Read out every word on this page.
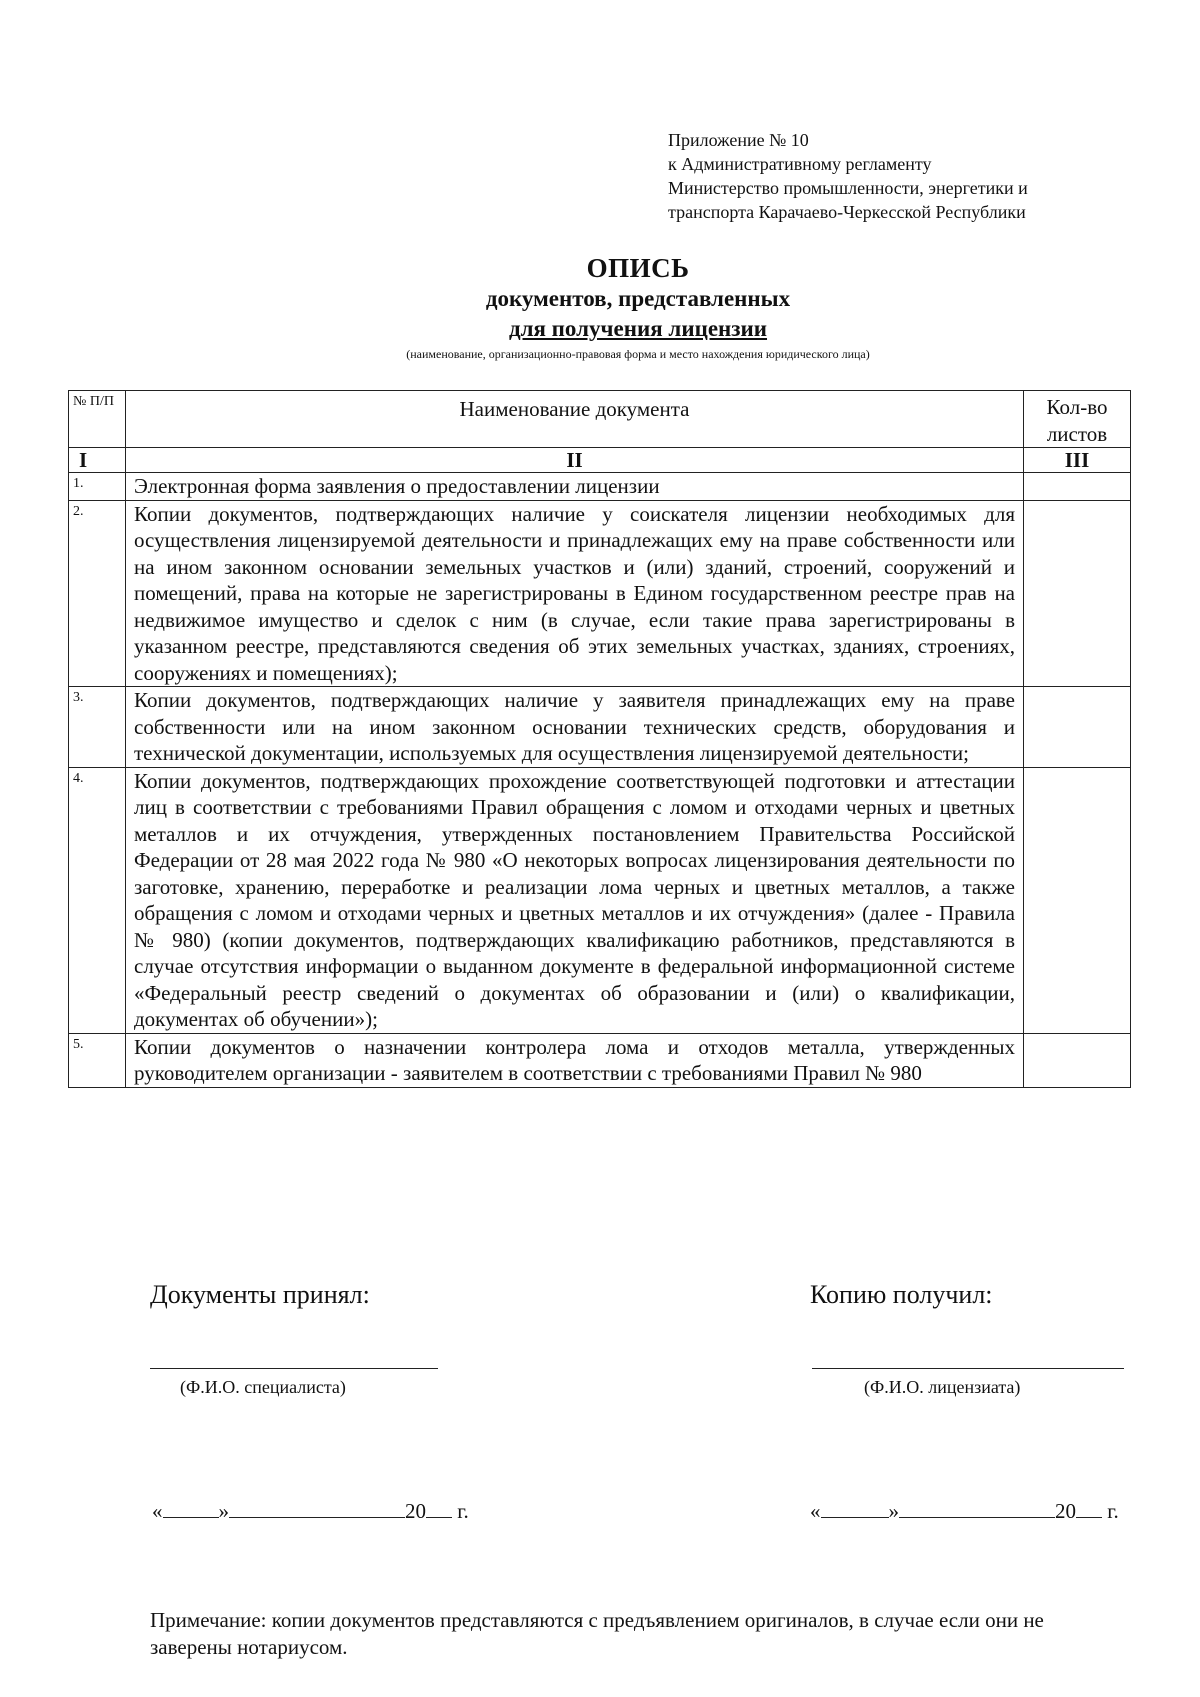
Приложение № 10
к Административному регламенту
Министерство промышленности, энергетики и
транспорта Карачаево-Черкесской Республики
ОПИСЬ
документов, представленных
для получения лицензии
(наименование, организационно-правовая форма и место нахождения юридического лица)
№ П/П	Наименование документа	Кол-во листов
I	II	III
1.	Электронная форма заявления о предоставлении лицензии	
2.	Копии документов, подтверждающих наличие у соискателя лицензии необходимых для осуществления лицензируемой деятельности и принадлежащих ему на праве собственности или на ином законном основании земельных участков и (или) зданий, строений, сооружений и помещений, права на которые не зарегистрированы в Едином государственном реестре прав на недвижимое имущество и сделок с ним (в случае, если такие права зарегистрированы в указанном реестре, представляются сведения об этих земельных участках, зданиях, строениях, сооружениях и помещениях);	
3.	Копии документов, подтверждающих наличие у заявителя принадлежащих ему на праве собственности или на ином законном основании технических средств, оборудования и технической документации, используемых для осуществления лицензируемой деятельности;	
4.	Копии документов, подтверждающих прохождение соответствующей подготовки и аттестации лиц в соответствии с требованиями Правил обращения с ломом и отходами черных и цветных металлов и их отчуждения, утвержденных постановлением Правительства Российской Федерации от 28 мая 2022 года № 980 «О некоторых вопросах лицензирования деятельности по заготовке, хранению, переработке и реализации лома черных и цветных металлов, а также обращения с ломом и отходами черных и цветных металлов и их отчуждения» (далее - Правила № 980) (копии документов, подтверждающих квалификацию работников, представляются в случае отсутствия информации о выданном документе в федеральной информационной системе «Федеральный реестр сведений о документах об образовании и (или) о квалификации, документах об обучении»);	
5.	Копии документов о назначении контролера лома и отходов металла, утвержденных руководителем организации - заявителем в соответствии с требованиями Правил № 980	
Документы принял:	Копию получил:
(Ф.И.О. специалиста)	(Ф.И.О. лицензиата)
«	»	20 г.	«	»	20 г.
Примечание: копии документов представляются с предъявлением оригиналов, в случае если они не заверены нотариусом.
